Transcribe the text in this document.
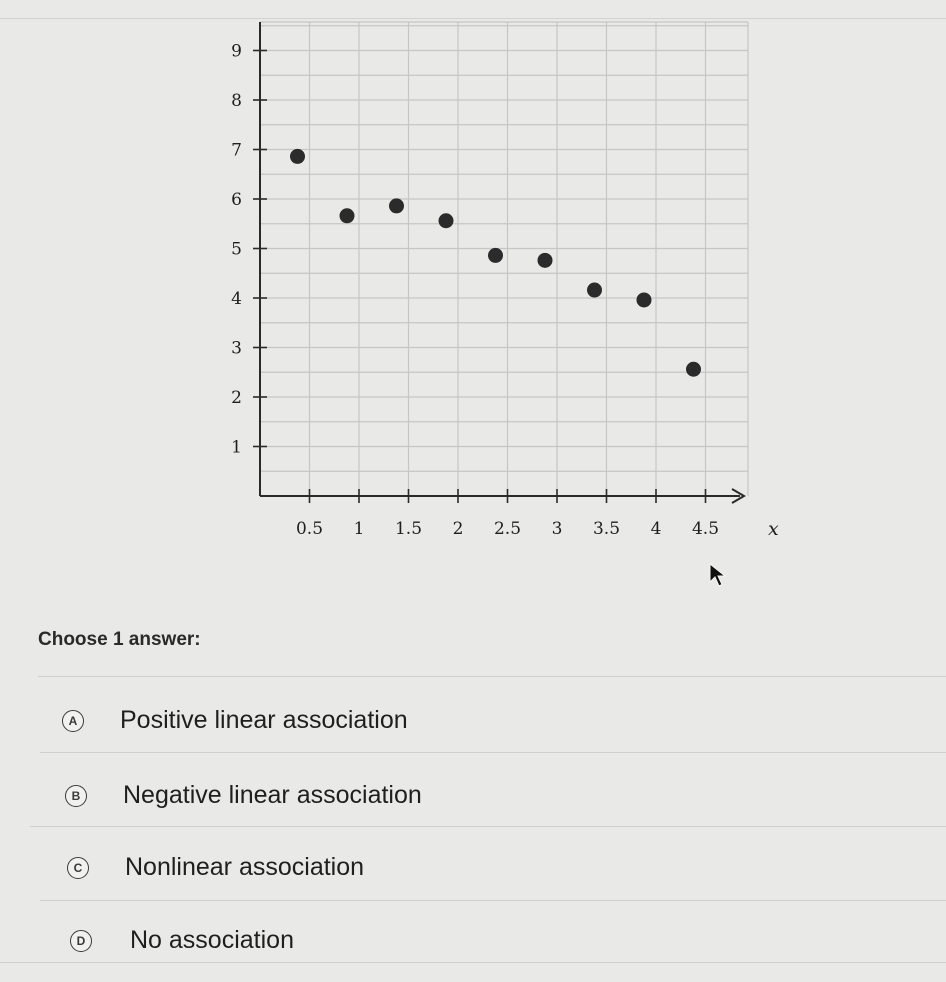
1
2
3
4
5
6
7
8
9
0.5 1 1.5 2 2.5 3 3.5 4 4.5	x
Choose 1 answer:
A Positive linear association
B Negative linear association
C Nonlinear association
D No association
